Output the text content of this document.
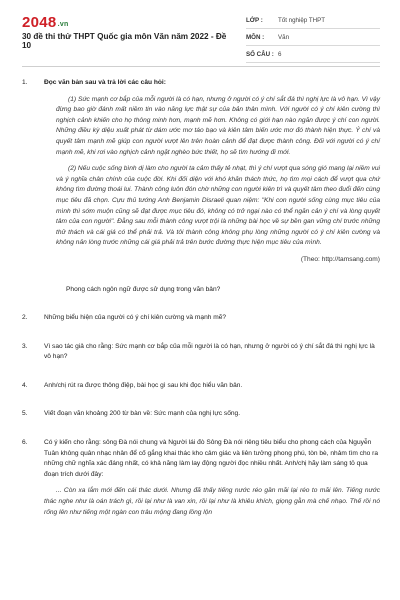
2048.vn
30 đề thi thử THPT Quốc gia môn Văn năm 2022 - Đề 10
LỚP :	Tốt nghiệp THPT
MÔN :	Văn
SỐ CÂU : 6
1.	Đọc văn bản sau và trả lời các câu hỏi:

(1) Sức mạnh cơ bắp của mỗi người là có hạn, nhưng ở người có ý chí sắt đá thì nghị lực là vô hạn. Vì vậy đừng bao giờ đánh mất niềm tin vào năng lực thật sự của bản thân mình. Với người có ý chí kiên cường thì nghịch cảnh khiến cho họ thông minh hơn, mạnh mẽ hơn. Không có giới hạn nào ngăn được ý chí con người. Những điều kỳ diệu xuất phát từ dám ước mơ táo bạo và kiên tâm biến ước mơ đó thành hiện thực. Ý chí và quyết tâm mạnh mẽ giúp con người vượt lên trên hoàn cảnh để đạt được thành công. Đối với người có ý chí mạnh mẽ, khi rơi vào nghịch cảnh ngặt nghèo bức thiết, họ sẽ tìm hướng đi mới.

(2) Nếu cuộc sống bình dị làm cho người ta cảm thấy tẻ nhạt, thì ý chí vượt qua sóng gió mang lại niềm vui và ý nghĩa chân chính của cuộc đời. Khi đối diện với khó khăn thách thức, họ tìm mọi cách để vượt qua chứ không tìm đường thoái lui. Thành công luôn đón chờ những con người kiên trì và quyết tâm theo đuổi đến cùng mục tiêu đã chọn. Cựu thủ tướng Anh Benjamin Disraeli quan niệm: "Khi con người sống cùng mục tiêu của mình thì sớm muộn cũng sẽ đạt được mục tiêu đó, không có trở ngại nào có thể ngăn cản ý chí và lòng quyết tâm của con người". Đằng sau mỗi thành công vượt trội là những bài học về sự bền gan vững chí trước những thử thách và cái giá có thể phải trả. Và tôi thành công không phụ lòng những người có ý chí kiên cường và không nản lòng trước những cái giá phải trả trên bước đường thực hiện mục tiêu của mình.

(Theo: http://tamsang.com)
Phong cách ngôn ngữ được sử dụng trong văn bản?
2.	Những biểu hiện của người có ý chí kiên cường và mạnh mẽ?
3.	Vì sao tác giả cho rằng: Sức mạnh cơ bắp của mỗi người là có hạn, nhưng ở người có ý chí sắt đá thì nghị lực là vô hạn?
4.	Anh/chị rút ra được thông điệp, bài học gì sau khi đọc hiểu văn bản.
5.	Viết đoạn văn khoảng 200 từ bàn về: Sức mạnh của nghị lực sống.
6.	Có ý kiến cho rằng: sông Đà nói chung và Người lái đò Sông Đà nói riêng tiêu biểu cho phong cách của Nguyễn Tuân không quân nhạc nhân để cố gắng khai thác kho cảm giác và liên tưởng phong phú, tòn bè, nhảm tìm cho ra những chữ nghĩa xác đáng nhất, có khả năng làm lay động người đọc nhiều nhất. Anh/chị hãy làm sáng tỏ qua đoạn trích dưới đây:
... Còn xa lắm mới đến cái thác dưới. Nhưng đã thấy tiếng nước réo gần mãi lại réo to mãi lên. Tiếng nước thác nghe như là oán trách gì, rồi lại như là van xin, rồi lại như là khiêu khích, giọng gằn mà chế nhạo. Thế rồi nó rống lên như tiếng một ngàn con trâu mộng đang lồng lộn
